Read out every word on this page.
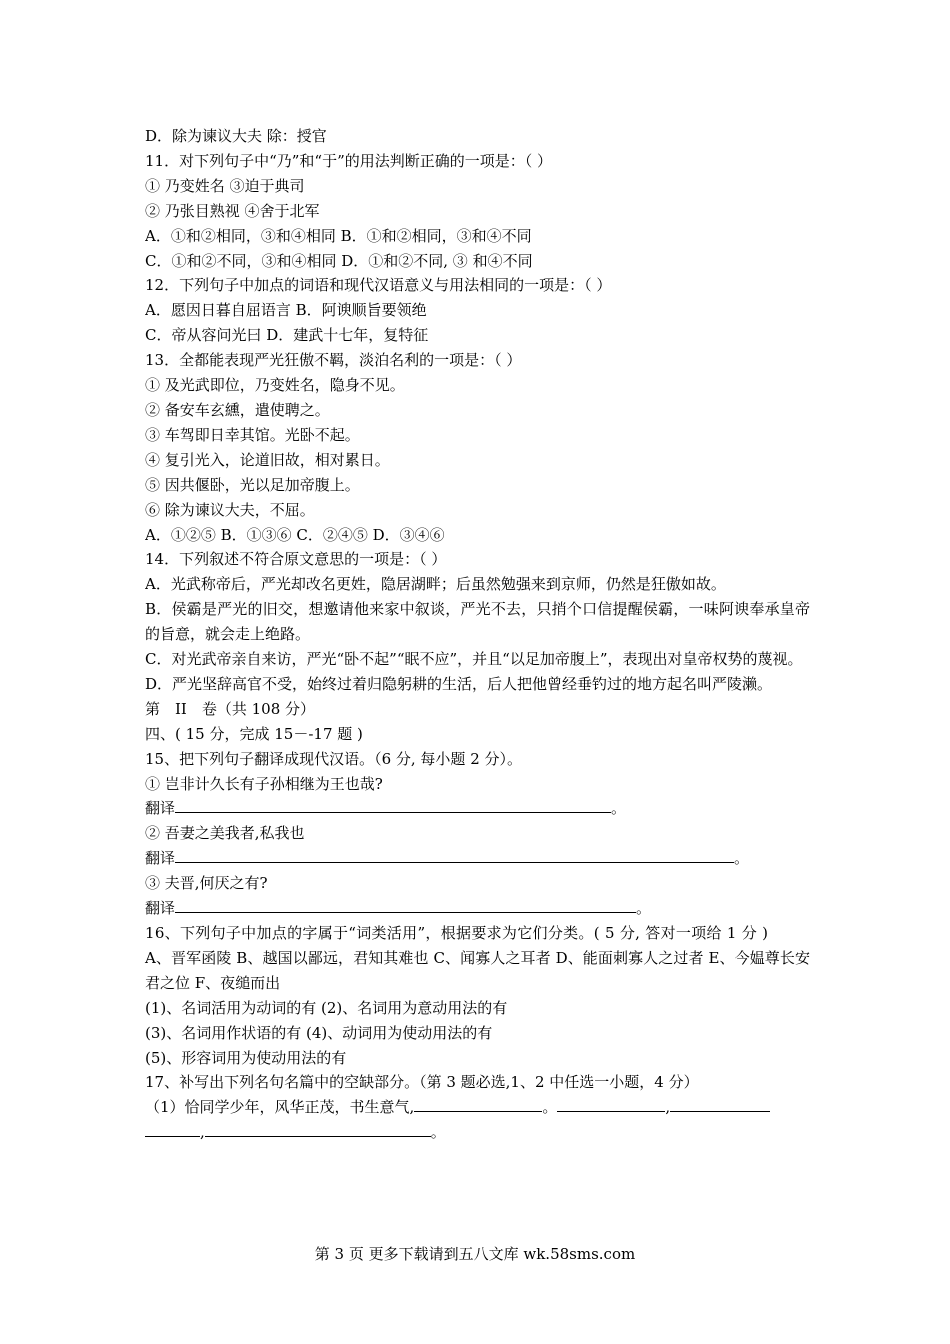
D．除为谏议大夫 除：授官
11．对下列句子中“乃”和“于”的用法判断正确的一项是：（ ）
① 乃变姓名 ③迫于典司
② 乃张目熟视 ④舍于北军
A．①和②相同，③和④相同 B．①和②相同，③和④不同
C．①和②不同，③和④相同 D．①和②不同, ③ 和④不同
12．下列句子中加点的词语和现代汉语意义与用法相同的一项是：（ ）
A．愿因日暮自屈语言 B．阿谀顺旨要领绝
C．帝从容问光曰 D．建武十七年，复特征
13．全都能表现严光狂傲不羁，淡泊名利的一项是：（ ）
① 及光武即位，乃变姓名，隐身不见。
② 备安车玄纁，遣使聘之。
③ 车驾即日幸其馆。光卧不起。
④ 复引光入，论道旧故，相对累日。
⑤ 因共偃卧，光以足加帝腹上。
⑥ 除为谏议大夫，不屈。
A．①②⑤ B．①③⑥ C．②④⑤ D．③④⑥
14．下列叙述不符合原文意思的一项是：（ ）
A．光武称帝后，严光却改名更姓，隐居湖畔；后虽然勉强来到京师，仍然是狂傲如故。
B．侯霸是严光的旧交，想邀请他来家中叙谈，严光不去，只捎个口信提醒侯霸，一味阿谀奉承皇帝的旨意，就会走上绝路。
C．对光武帝亲自来访，严光“卧不起”“眠不应”，并且“以足加帝腹上”，表现出对皇帝权势的蔑视。
D．严光坚辞高官不受，始终过着归隐躬耕的生活，后人把他曾经垂钓过的地方起名叫严陵濑。
第　II　卷（共 108 分）
四、( 15 分，完成 15－-17 题 )
15、把下列句子翻译成现代汉语。（6 分, 每小题 2 分）。
① 岂非计久长有子孙相继为王也哉?
翻译	。
② 吾妻之美我者,私我也
翻译	。
③ 夫晋,何厌之有?
翻译	。
16、下列句子中加点的字属于“词类活用”，根据要求为它们分类。( 5 分, 答对一项给 1 分 )
A、晋军函陵 B、越国以鄙远，君知其难也 C、闻寡人之耳者 D、能面刺寡人之过者 E、今媪尊长安君之位 F、夜缒而出
(1)、名词活用为动词的有 (2)、名词用为意动用法的有
(3)、名词用作状语的有 (4)、动词用为使动用法的有
(5)、形容词用为使动用法的有
17、补写出下列名句名篇中的空缺部分。（第 3 题必选,1、2 中任选一小题，4 分）
（1）恰同学少年，风华正茂，书生意气,	。	,
,	。
第 3 页 更多下载请到五八文库 wk.58sms.com
